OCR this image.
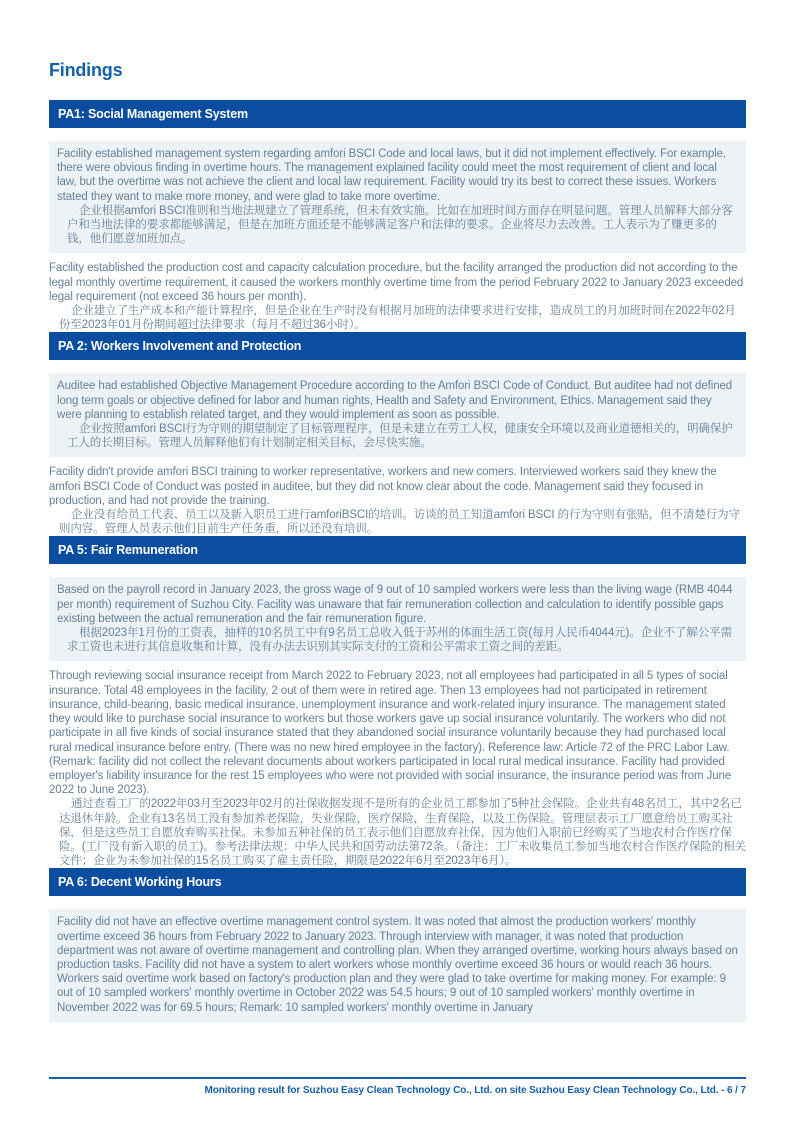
Findings
PA1: Social Management System

Facility established management system regarding amfori BSCI Code and local laws, but it did not implement effectively. For example, there were obvious finding in overtime hours. The management explained facility could meet the most requirement of client and local law, but the overtime was not achieve the client and local law requirement. Facility would try its best to correct these issues. Workers stated they want to make more money, and were glad to take more overtime.

企业根据amfori BSCI准则和当地法规建立了管理系统，但未有效实施。比如在加班时间方面存在明显问题。管理人员解释大部分客户和当地法律的要求都能够满足，但是在加班方面还是不能够满足客户和法律的要求。企业将尽力去改善。工人表示为了赚更多的钱，他们愿意加班加点。

Facility established the production cost and capacity calculation procedure, but the facility arranged the production did not according to the legal monthly overtime requirement, it caused the workers monthly overtime time from the period February 2022 to January 2023 exceeded legal requirement (not exceed 36 hours per month).

企业建立了生产成本和产能计算程序，但是企业在生产时没有根据月加班的法律要求进行安排，造成员工的月加班时间在2022年02月份至2023年01月份期间超过法律要求（每月不超过36小时）。

PA 2: Workers Involvement and Protection

Auditee had established Objective Management Procedure according to the Amfori BSCI Code of Conduct. But auditee had not defined long term goals or objective defined for labor and human rights, Health and Safety and Environment, Ethics. Management said they were planning to establish related target, and they would implement as soon as possible.

企业按照amfori BSCI行为守则的期望制定了目标管理程序，但是未建立在劳工人权，健康安全环境以及商业道德相关的，明确保护工人的长期目标。管理人员解释他们有计划制定相关目标，会尽快实施。

Facility didn't provide amfori BSCI training to worker representative, workers and new comers. Interviewed workers said they knew the amfori BSCI Code of Conduct was posted in auditee, but they did not know clear about the code. Management said they focused in production, and had not provide the training.

企业没有给员工代表、员工以及新入职员工进行amforiBSCI的培训。访谈的员工知道amfori BSCI 的行为守则有张贴，但不清楚行为守则内容。管理人员表示他们目前生产任务重，所以还没有培训。

PA 5: Fair Remuneration

Based on the payroll record in January 2023, the gross wage of 9 out of 10 sampled workers were less than the living wage (RMB 4044 per month) requirement of Suzhou City. Facility was unaware that fair remuneration collection and calculation to identify possible gaps existing between the actual remuneration and the fair remuneration figure.

根据2023年1月份的工资表，抽样的10名员工中有9名员工总收入低于苏州的体面生活工资(每月人民币4044元)。企业不了解公平需求工资也未进行其信息收集和计算，没有办法去识别其实际支付的工资和公平需求工资之间的差距。

Through reviewing social insurance receipt from March 2022 to February 2023, not all employees had participated in all 5 types of social insurance. Total 48 employees in the facility, 2 out of them were in retired age. Then 13 employees had not participated in retirement insurance, child-bearing, basic medical insurance, unemployment insurance and work-related injury insurance. The management stated they would like to purchase social insurance to workers but those workers gave up social insurance voluntarily. The workers who did not participate in all five kinds of social insurance stated that they abandoned social insurance voluntarily because they had purchased local rural medical insurance before entry. (There was no new hired employee in the factory). Reference law: Article 72 of the PRC Labor Law. (Remark: facility did not collect the relevant documents about workers participated in local rural medical insurance. Facility had provided employer's liability insurance for the rest 15 employees who were not provided with social insurance, the insurance period was from June 2022 to June 2023).

通过查看工厂的2022年03月至2023年02月的社保收据发现不是所有的企业员工都参加了5种社会保险。企业共有48名员工，其中2名已达退休年龄。企业有13名员工没有参加养老保险，失业保险，医疗保险，生育保险，以及工伤保险。管理层表示工厂愿意给员工购买社保，但是这些员工自愿放弃购买社保。未参加五种社保的员工表示他们自愿放弃社保，因为他们入职前已经购买了当地农村合作医疗保险。(工厂没有新入职的员工)。参考法律法规：中华人民共和国劳动法第72条。（备注：工厂未收集员工参加当地农村合作医疗保险的相关文件；企业为未参加社保的15名员工购买了雇主责任险，期限是2022年6月至2023年6月）。

PA 6: Decent Working Hours

Facility did not have an effective overtime management control system. It was noted that almost the production workers' monthly overtime exceed 36 hours from February 2022 to January 2023. Through interview with manager, it was noted that production department was not aware of overtime management and controlling plan. When they arranged overtime, working hours always based on production tasks. Facility did not have a system to alert workers whose monthly overtime exceed 36 hours or would reach 36 hours. Workers said overtime work based on factory's production plan and they were glad to take overtime for making money. For example: 9 out of 10 sampled workers' monthly overtime in October 2022 was 54.5 hours; 9 out of 10 sampled workers' monthly overtime in November 2022 was for 69.5 hours; Remark: 10 sampled workers' monthly overtime in January

Monitoring result for Suzhou Easy Clean Technology Co., Ltd. on site Suzhou Easy Clean Technology Co., Ltd. - 6 / 7
